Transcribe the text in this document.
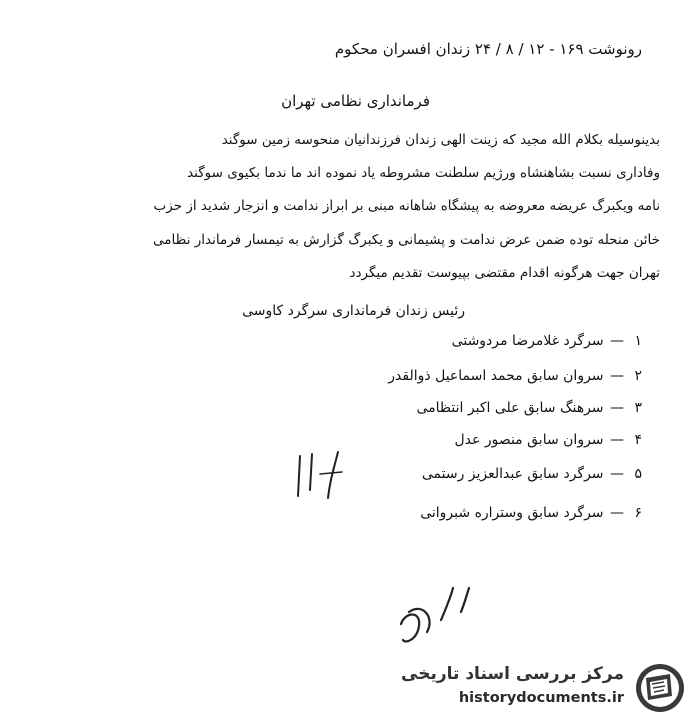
رونوشت ۱۶۹ - ۱۲ / ۸ / ۲۴ زندان افسران محکوم
فرمانداری نظامی تهران
بدینوسیله بکلام الله مجید که زینت الهی زندان فرزندانیان منحوسه زمین سوگند
وفاداری نسبت بشاهنشاه ورژیم سلطنت مشروطه یاد نموده اند ما ندما بکیوی سوگند
نامه ویکبرگ عریضه معروضه به پیشگاه شاهانه مبنی بر ابراز ندامت و انزجار شدید از حزب
خائن منحله توده ضمن عرض ندامت و پشیمانی و یکبرگ گزارش به تیمسار فرماندار نظامی
تهران جهت هرگونه اقدام مقتضی بپیوست تقدیم میگردد
رئیس زندان فرمانداری سرگرد کاوسی
۱— سرگرد غلامرضا مردوشتی
۲— سروان سابق محمد اسماعیل ذوالقدر
۳— سرهنگ سابق علی اکبر انتظامی
۴— سروان سابق منصور عدل
۵— سرگرد سابق عبدالعزیز رستمی
۶— سرگرد سابق وستراره شبروانی
مرکز بررسی اسناد تاریخی
historydocuments.ir
